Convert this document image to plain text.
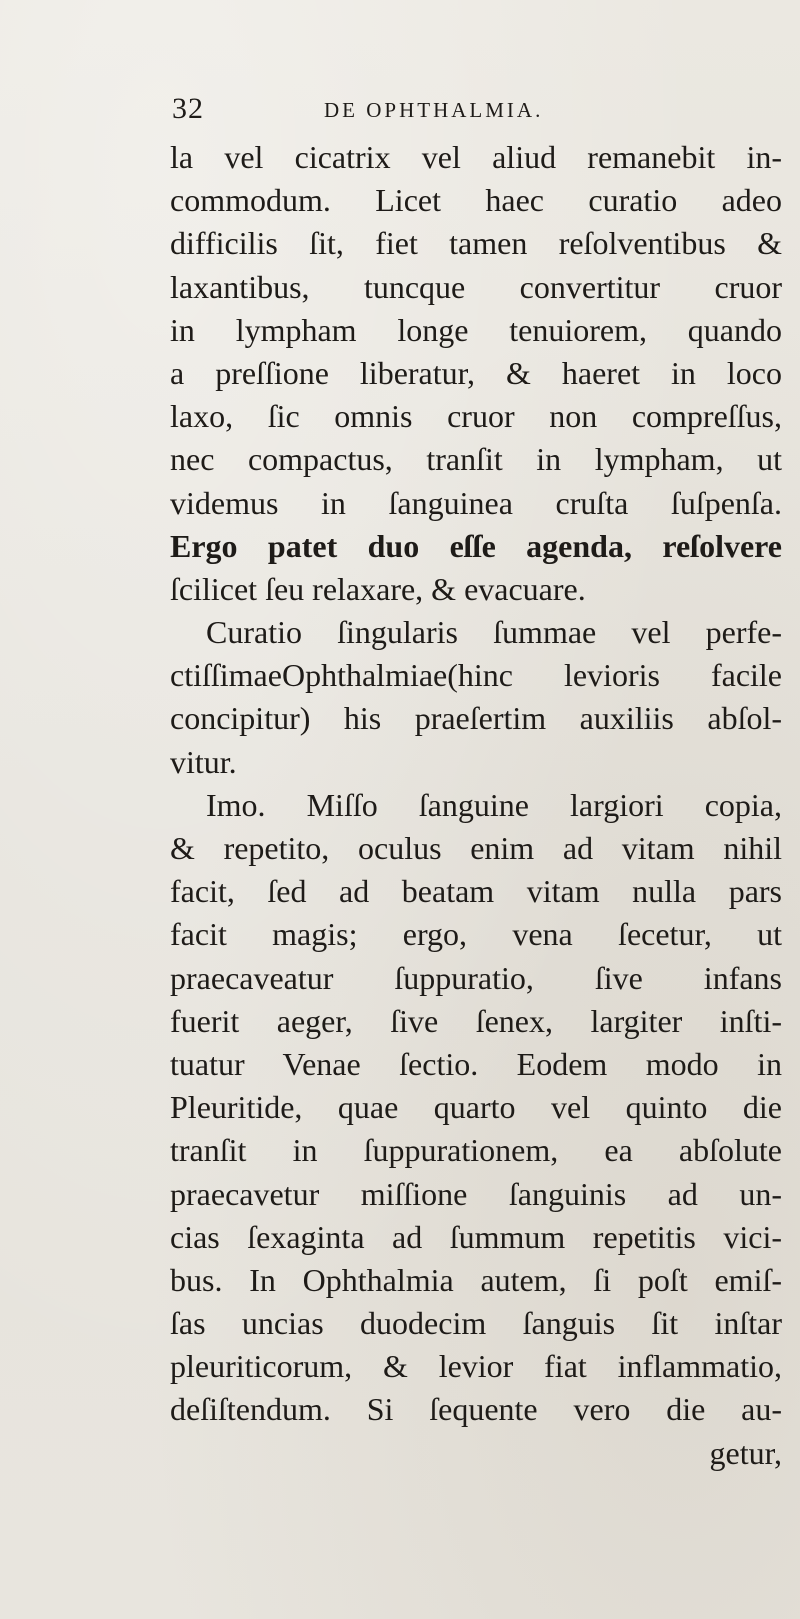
32	DE OPHTHALMIA.
la vel cicatrix vel aliud remanebit in-
commodum. Licet haec curatio adeo
difficilis ſit, fiet tamen reſolventibus &
laxantibus, tuncque convertitur cruor
in lympham longe tenuiorem, quando
a preſſione liberatur, & haeret in loco
laxo, ſic omnis cruor non compreſſus,
nec compactus, tranſit in lympham, ut
videmus in ſanguinea cruſta ſuſpenſa.
Ergo patet duo eſſe agenda, reſolvere
ſcilicet ſeu relaxare, & evacuare.
Curatio ſingularis ſummae vel perfe-
ctiſſimaeOphthalmiae(hinc levioris facile
concipitur) his praeſertim auxiliis abſol-
vitur.
Imo. Miſſo ſanguine largiori copia,
& repetito, oculus enim ad vitam nihil
facit, ſed ad beatam vitam nulla pars
facit magis; ergo, vena ſecetur, ut
praecaveatur ſuppuratio, ſive infans
fuerit aeger, ſive ſenex, largiter inſti-
tuatur Venae ſectio. Eodem modo in
Pleuritide, quae quarto vel quinto die
tranſit in ſuppurationem, ea abſolute
praecavetur miſſione ſanguinis ad un-
cias ſexaginta ad ſummum repetitis vici-
bus. In Ophthalmia autem, ſi poſt emiſ-
ſas uncias duodecim ſanguis ſit inſtar
pleuriticorum, & levior fiat inflammatio,
deſiſtendum. Si ſequente vero die au-
getur,
